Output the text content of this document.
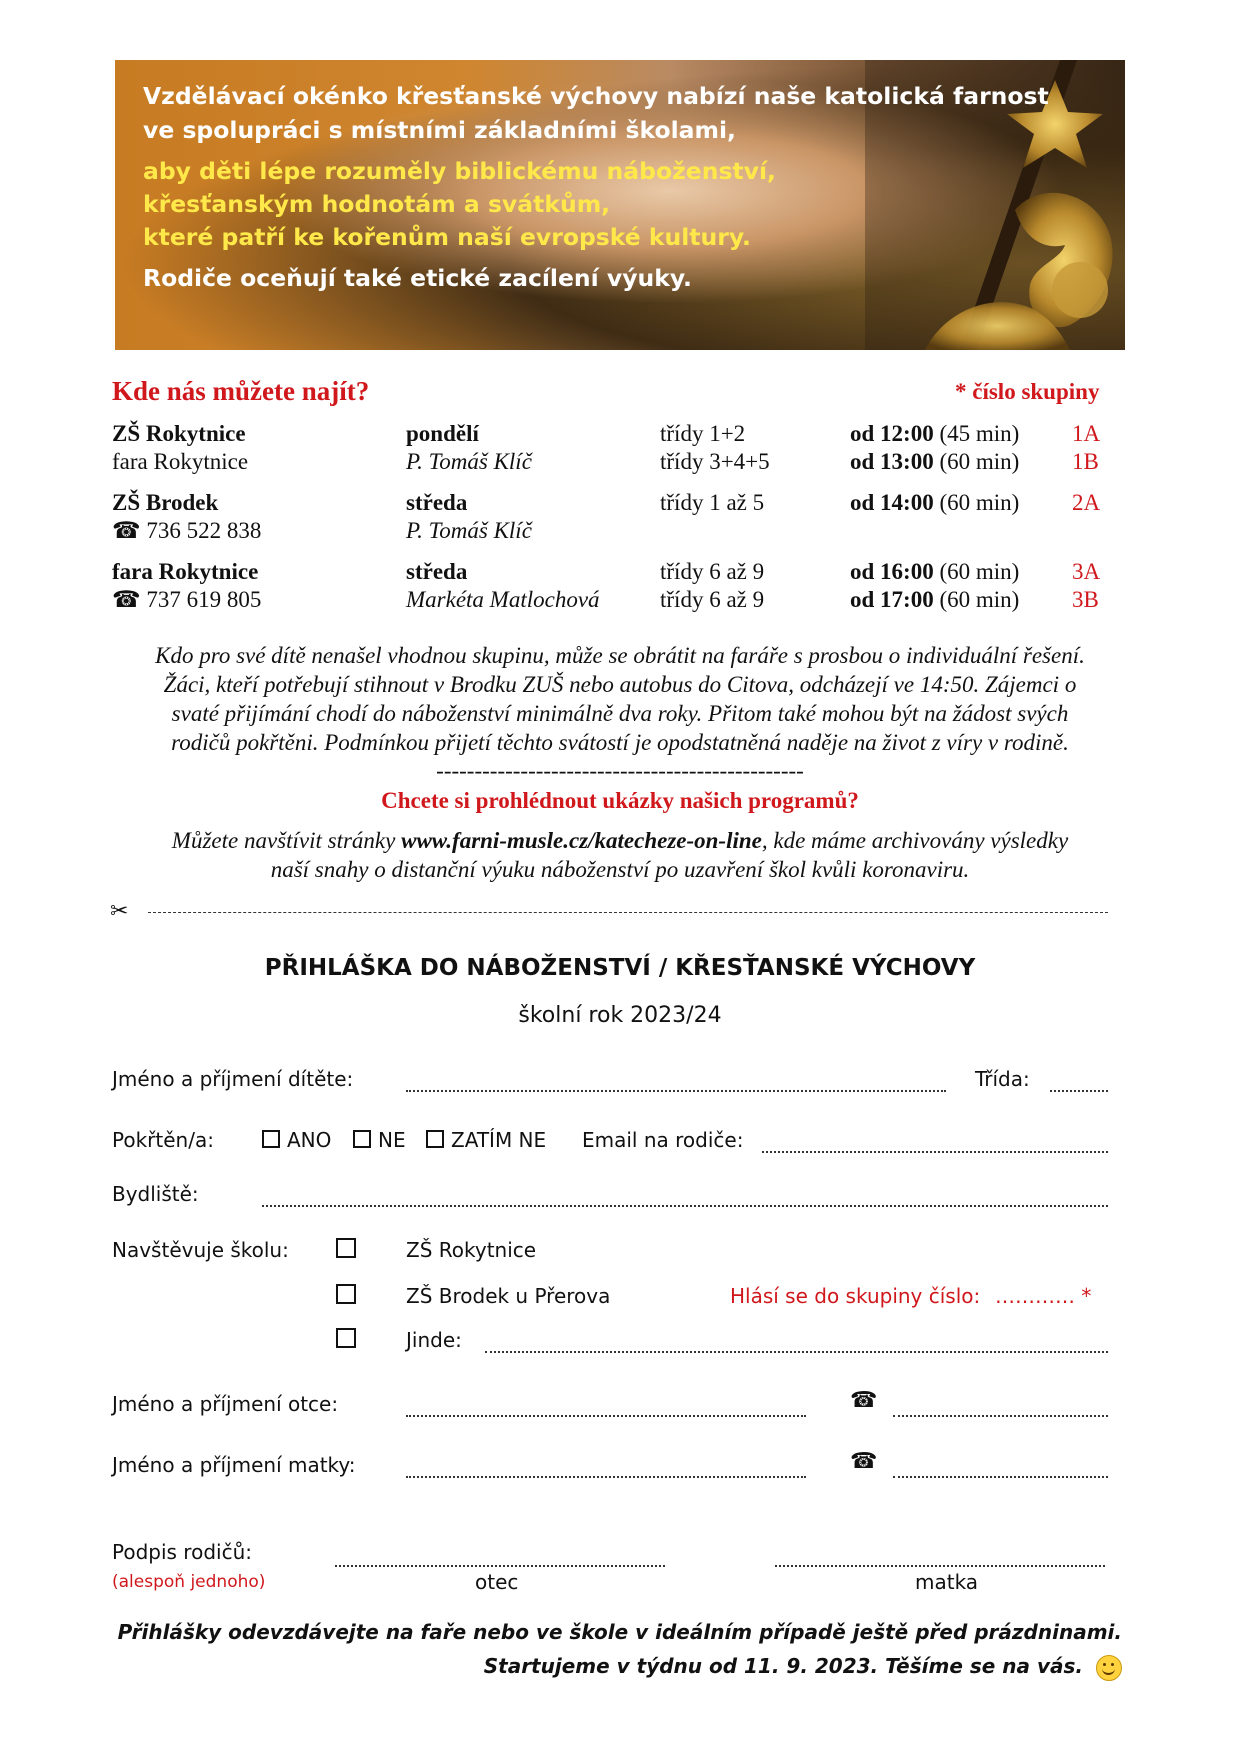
Vzdělávací okénko křesťanské výchovy nabízí naše katolická farnost
ve spolupráci s místními základními školami,
aby děti lépe rozuměly biblickému náboženství,
křesťanským hodnotám a svátkům,
které patří ke kořenům naší evropské kultury.
Rodiče oceňují také etické zacílení výuky.
Kde nás můžete najít?	* číslo skupiny
ZŠ Rokytnice	pondělí	třídy 1+2	od 12:00 (45 min) 1A
fara Rokytnice	P. Tomáš Klíč	třídy 3+4+5	od 13:00 (60 min) 1B
ZŠ Brodek	středa	třídy 1 až 5	od 14:00 (60 min) 2A
☎ 736 522 838	P. Tomáš Klíč
fara Rokytnice	středa	třídy 6 až 9	od 16:00 (60 min) 3A
☎ 737 619 805	Markéta Matlochová	třídy 6 až 9	od 17:00 (60 min) 3B
Kdo pro své dítě nenašel vhodnou skupinu, může se obrátit na faráře s prosbou o individuální řešení.
Žáci, kteří potřebují stihnout v Brodku ZUŠ nebo autobus do Citova, odcházejí ve 14:50. Zájemci o
svaté přijímání chodí do náboženství minimálně dva roky. Přitom také mohou být na žádost svých
rodičů pokřtěni. Podmínkou přijetí těchto svátostí je opodstatněná naděje na život z víry v rodině.
------------------------------------------------
Chcete si prohlédnout ukázky našich programů?
Můžete navštívit stránky www.farni-musle.cz/katecheze-on-line, kde máme archivovány výsledky
naší snahy o distanční výuku náboženství po uzavření škol kvůli koronaviru.
✂
PŘIHLÁŠKA DO NÁBOŽENSTVÍ / KŘESŤANSKÉ VÝCHOVY
školní rok 2023/24
Jméno a příjmení dítěte:	Třída:
Pokřtěn/a:	ANO NE ZATÍM NE Email na rodiče:
Bydliště:
Navštěvuje školu:	ZŠ Rokytnice
ZŠ Brodek u Přerova	Hlásí se do skupiny číslo: ………… *
Jinde:
Jméno a příjmení otce:	☎
Jméno a příjmení matky:	☎
Podpis rodičů:
(alespoň jednoho)	otec	matka
Přihlášky odevzdávejte na faře nebo ve škole v ideálním případě ještě před prázdninami.
Startujeme v týdnu od 11. 9. 2023. Těšíme se na vás.
